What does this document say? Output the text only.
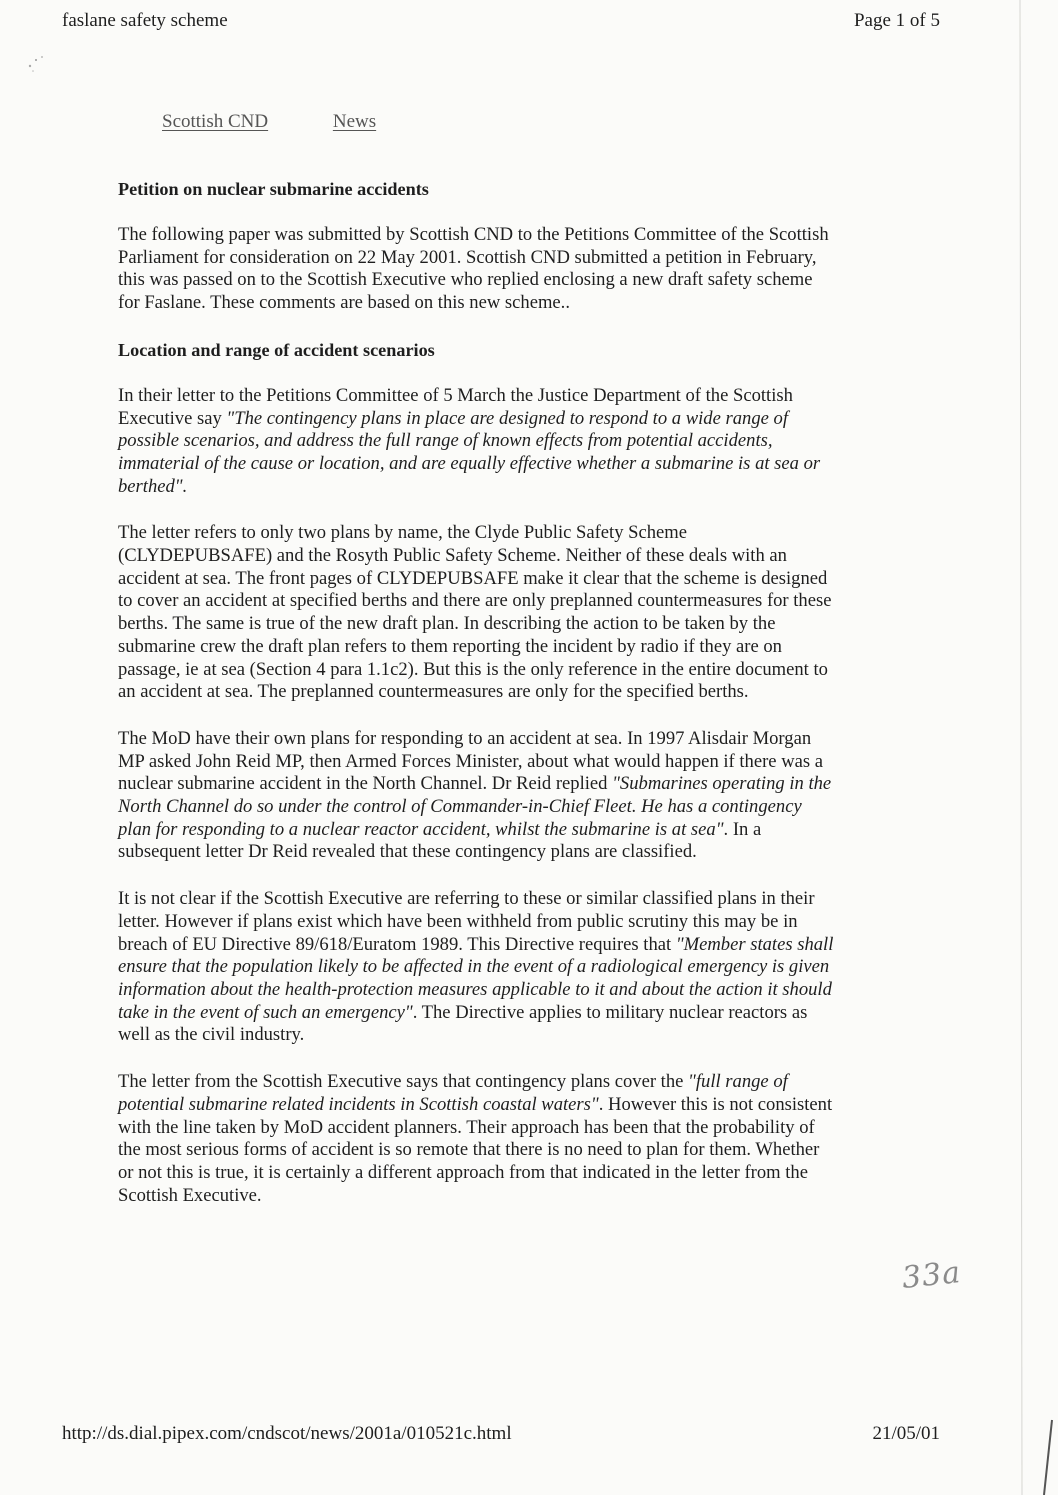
faslane safety scheme	Page 1 of 5
Scottish CND	News
Petition on nuclear submarine accidents

The following paper was submitted by Scottish CND to the Petitions Committee of the Scottish Parliament for consideration on 22 May 2001. Scottish CND submitted a petition in February, this was passed on to the Scottish Executive who replied enclosing a new draft safety scheme for Faslane. These comments are based on this new scheme..

Location and range of accident scenarios

In their letter to the Petitions Committee of 5 March the Justice Department of the Scottish Executive say "The contingency plans in place are designed to respond to a wide range of possible scenarios, and address the full range of known effects from potential accidents, immaterial of the cause or location, and are equally effective whether a submarine is at sea or berthed".

The letter refers to only two plans by name, the Clyde Public Safety Scheme (CLYDEPUBSAFE) and the Rosyth Public Safety Scheme. Neither of these deals with an accident at sea. The front pages of CLYDEPUBSAFE make it clear that the scheme is designed to cover an accident at specified berths and there are only preplanned countermeasures for these berths. The same is true of the new draft plan. In describing the action to be taken by the submarine crew the draft plan refers to them reporting the incident by radio if they are on passage, ie at sea (Section 4 para 1.1c2). But this is the only reference in the entire document to an accident at sea. The preplanned countermeasures are only for the specified berths.

The MoD have their own plans for responding to an accident at sea. In 1997 Alisdair Morgan MP asked John Reid MP, then Armed Forces Minister, about what would happen if there was a nuclear submarine accident in the North Channel. Dr Reid replied "Submarines operating in the North Channel do so under the control of Commander-in-Chief Fleet. He has a contingency plan for responding to a nuclear reactor accident, whilst the submarine is at sea". In a subsequent letter Dr Reid revealed that these contingency plans are classified.

It is not clear if the Scottish Executive are referring to these or similar classified plans in their letter. However if plans exist which have been withheld from public scrutiny this may be in breach of EU Directive 89/618/Euratom 1989. This Directive requires that "Member states shall ensure that the population likely to be affected in the event of a radiological emergency is given information about the health-protection measures applicable to it and about the action it should take in the event of such an emergency". The Directive applies to military nuclear reactors as well as the civil industry.

The letter from the Scottish Executive says that contingency plans cover the "full range of potential submarine related incidents in Scottish coastal waters". However this is not consistent with the line taken by MoD accident planners. Their approach has been that the probability of the most serious forms of accident is so remote that there is no need to plan for them. Whether or not this is true, it is certainly a different approach from that indicated in the letter from the Scottish Executive.

33a
http://ds.dial.pipex.com/cndscot/news/2001a/010521c.html	21/05/01
